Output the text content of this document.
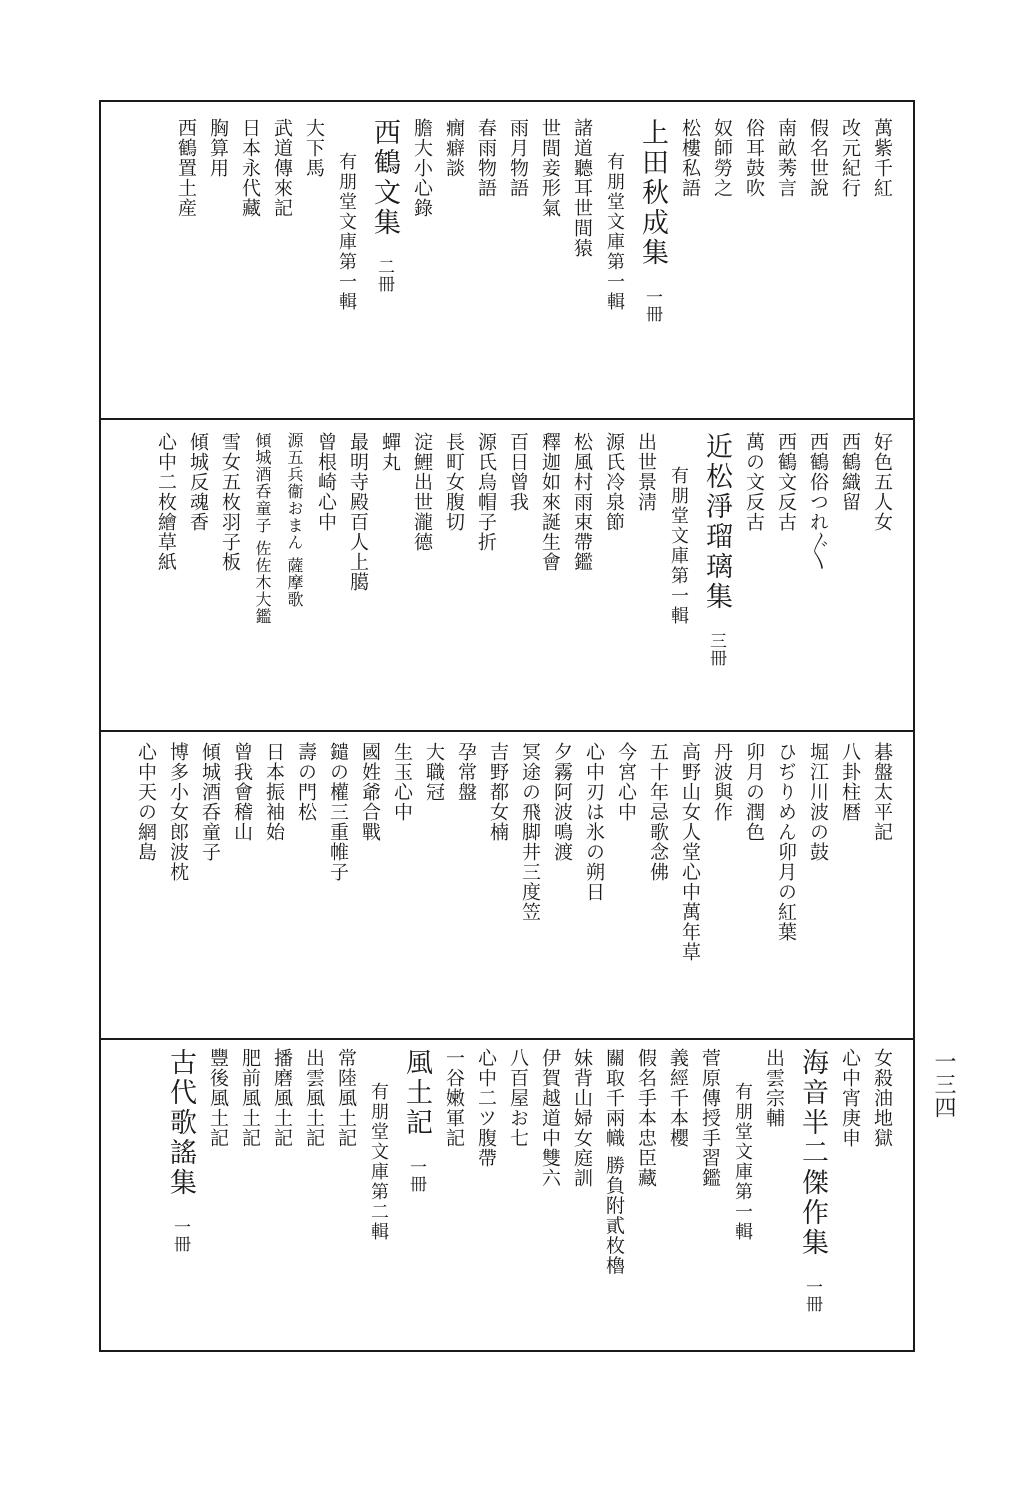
一三四
萬紫千紅
改元紀行
假名世說
南畝莠言
俗耳鼓吹
奴師勞之
松樓私語
上田秋成集一冊
有朋堂文庫第一輯
諸道聽耳世間猿
世間妾形氣
雨月物語
春雨物語
癇癖談
膽大小心錄
西鶴文集二冊
有朋堂文庫第一輯
大下馬
武道傳來記
日本永代藏
胸算用
西鶴置土産
好色五人女
西鶴織留
西鶴俗つれ〴〵
西鶴文反古
萬の文反古
近松淨瑠璃集三冊
有朋堂文庫第一輯
出世景淸
源氏冷泉節
松風村雨束帶鑑
釋迦如來誕生會
百日曾我
源氏烏帽子折
長町女腹切
淀鯉出世瀧德
蟬丸
最明寺殿百人上臈
曾根崎心中
源五兵衞おまん 薩摩歌
傾城酒呑童子 佐佐木大鑑
雪女五枚羽子板
傾城反魂香
心中二枚繪草紙
碁盤太平記
八卦柱暦
堀江川波の鼓
ひぢりめん卯月の紅葉
卯月の潤色
丹波與作
高野山女人堂心中萬年草
五十年忌歌念佛
今宮心中
心中刃は氷の朔日
夕霧阿波鳴渡
冥途の飛脚井三度笠
吉野都女楠
孕常盤
大職冠
生玉心中
國姓爺合戰
鑓の權三重帷子
壽の門松
日本振袖始
曾我會稽山
傾城酒呑童子
博多小女郎波枕
心中天の網島
女殺油地獄
心中宵庚申
海音半二傑作集一冊
出雲宗輔
有朋堂文庫第一輯
菅原傳授手習鑑
義經千本櫻
假名手本忠臣藏
關取千兩幟 勝負附貳枚櫓
妹背山婦女庭訓
伊賀越道中雙六
八百屋お七
心中二ツ腹帶
一谷嫩軍記
風土記一冊
有朋堂文庫第二輯
常陸風土記
出雲風土記
播磨風土記
肥前風土記
豐後風土記
古代歌謠集一冊
